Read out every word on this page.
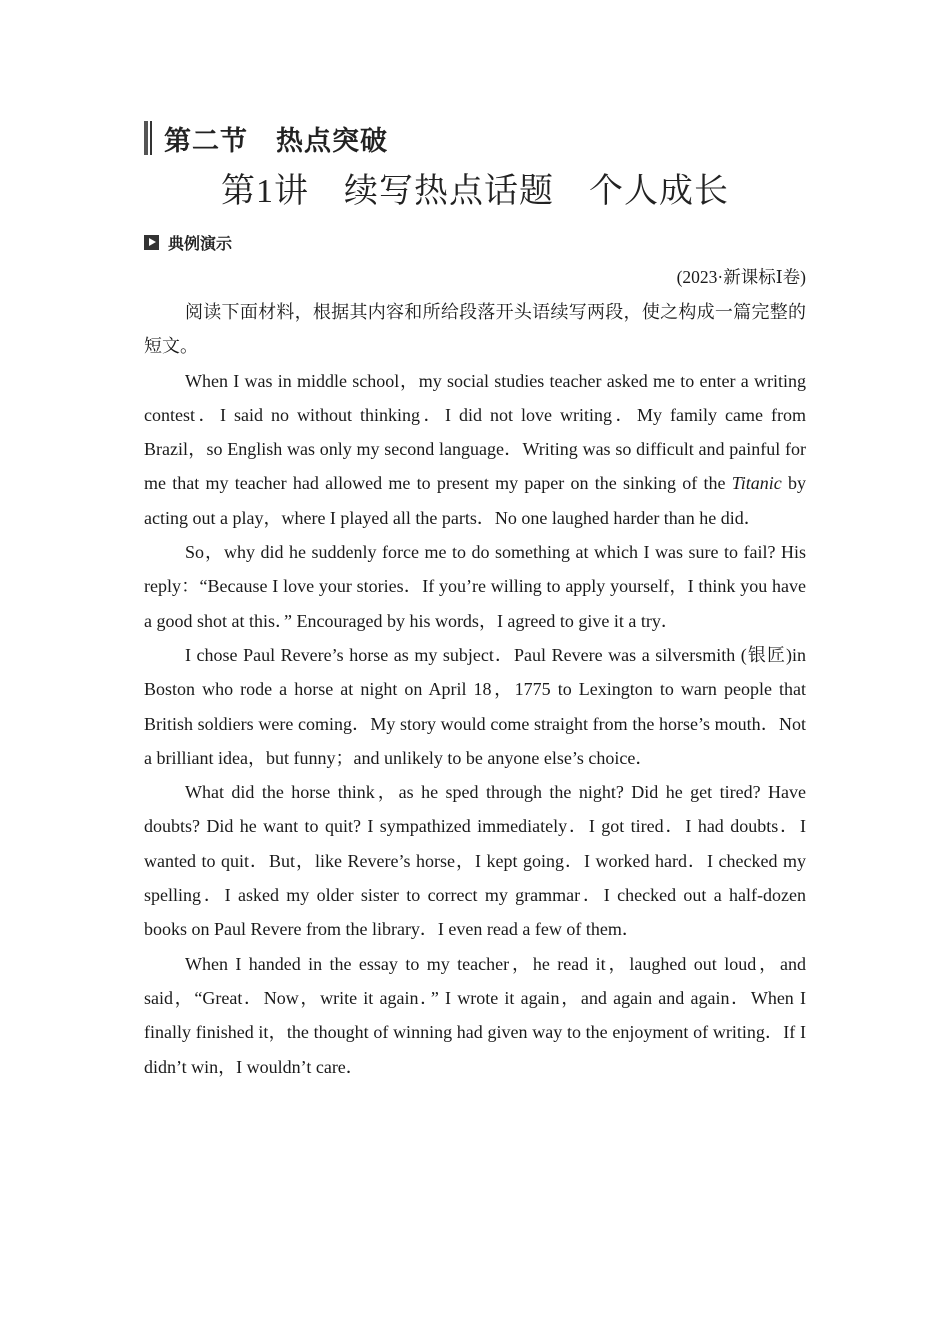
第二节　热点突破
第1讲　续写热点话题　个人成长
典例演示
(2023·新课标Ⅰ卷)

阅读下面材料，根据其内容和所给段落开头语续写两段，使之构成一篇完整的短文。

When I was in middle school，my social studies teacher asked me to enter a writing contest．I said no without thinking．I did not love writing．My family came from Brazil，so English was only my second language．Writing was so difficult and painful for me that my teacher had allowed me to present my paper on the sinking of the Titanic by acting out a play，where I played all the parts．No one laughed harder than he did．

So，why did he suddenly force me to do something at which I was sure to fail? His reply：“Because I love your stories．If you’re willing to apply yourself，I think you have a good shot at this．” Encouraged by his words，I agreed to give it a try．

I chose Paul Revere’s horse as my subject．Paul Revere was a silversmith (银匠)in Boston who rode a horse at night on April 18，1775 to Lexington to warn people that British soldiers were coming．My story would come straight from the horse’s mouth．Not a brilliant idea，but funny；and unlikely to be anyone else’s choice．

What did the horse think，as he sped through the night? Did he get tired? Have doubts? Did he want to quit? I sympathized immediately．I got tired．I had doubts．I wanted to quit．But，like Revere’s horse，I kept going．I worked hard．I checked my spelling．I asked my older sister to correct my grammar．I checked out a half-dozen books on Paul Revere from the library．I even read a few of them．

When I handed in the essay to my teacher，he read it，laughed out loud，and said，“Great．Now，write it again．” I wrote it again，and again and again．When I finally finished it，the thought of winning had given way to the enjoyment of writing．If I didn’t win，I wouldn’t care．
